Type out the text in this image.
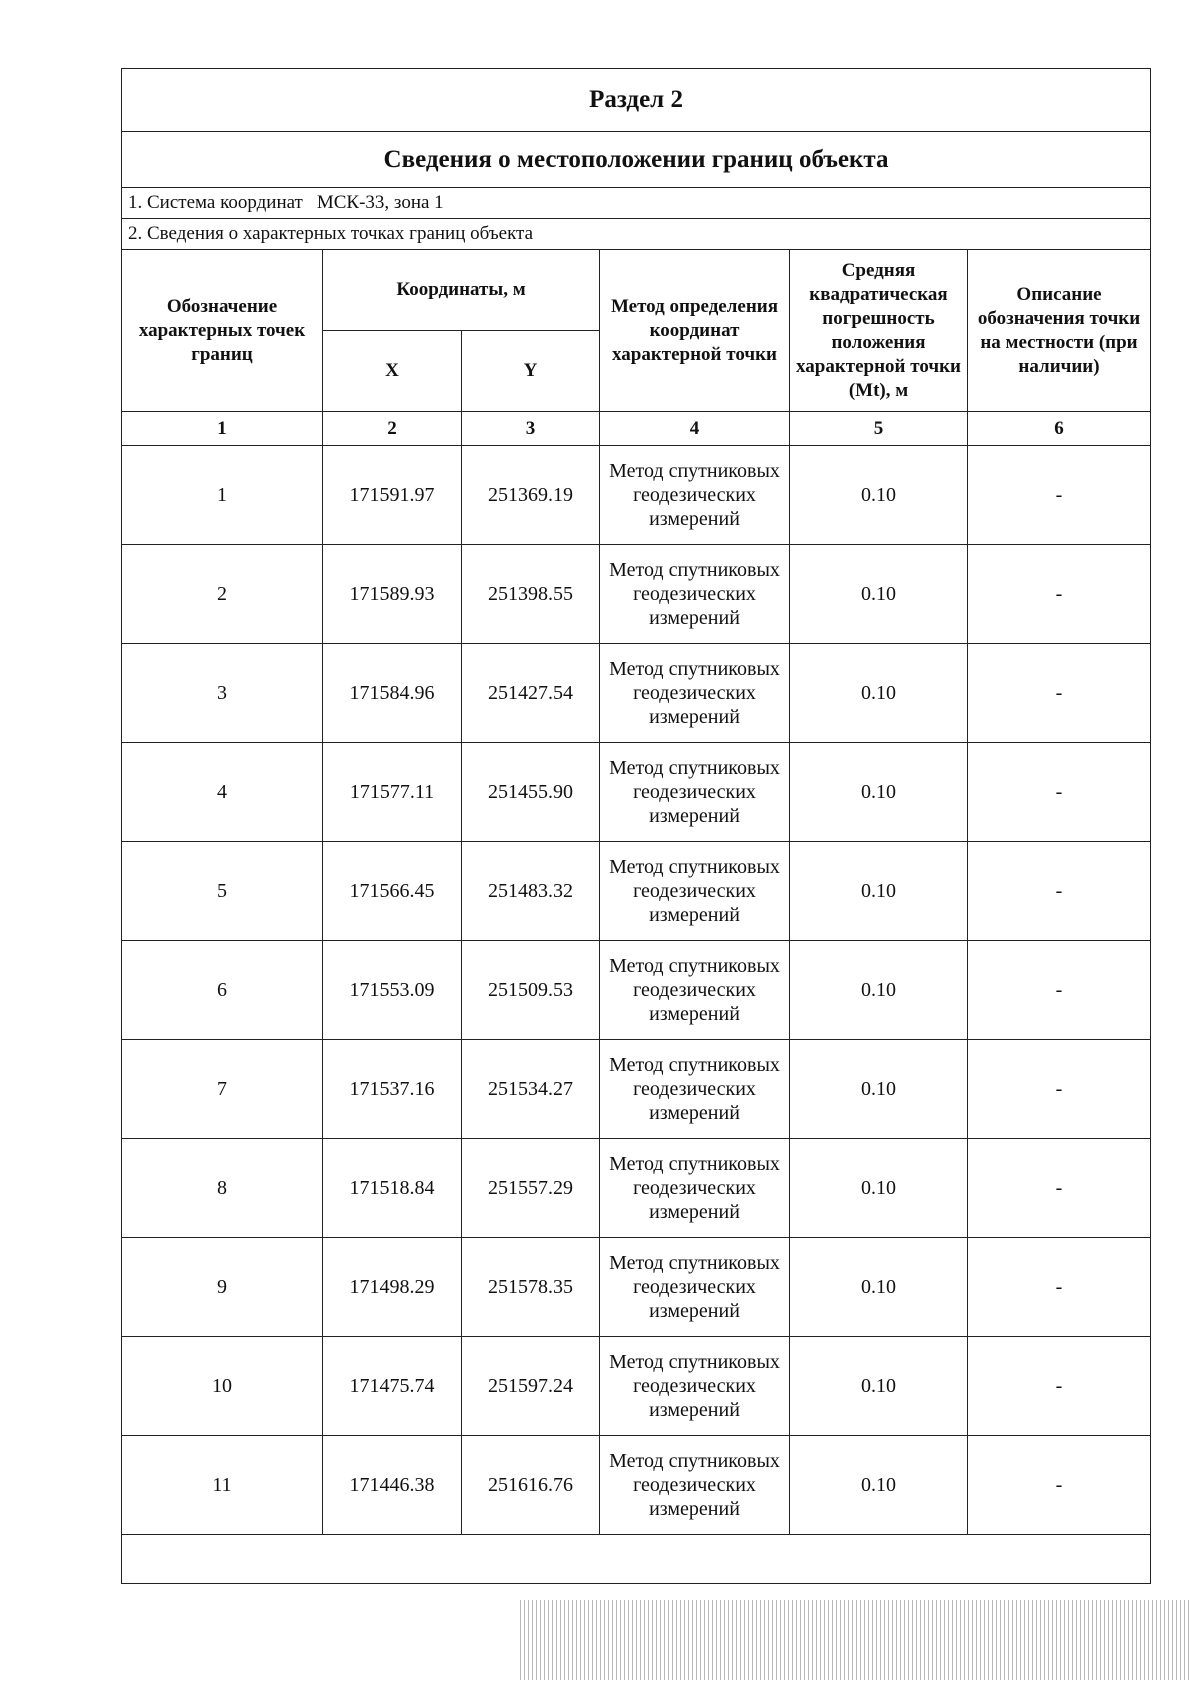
Раздел 2					
Сведения о местоположении границ объекта					
1. Система координат МСК-33, зона 1					
2. Сведения о характерных точках границ объекта					
Обозначение характерных точек границ	Координаты, м		Метод определения координат характерной точки	Средняя квадратическая погрешность положения характерной точки (Mt), м	Описание обозначения точки на местности (при наличии)
	X	Y			
1	2	3	4	5	6
1	171591.97	251369.19	Метод спутниковых геодезических измерений	0.10	-
2	171589.93	251398.55	Метод спутниковых геодезических измерений	0.10	-
3	171584.96	251427.54	Метод спутниковых геодезических измерений	0.10	-
4	171577.11	251455.90	Метод спутниковых геодезических измерений	0.10	-
5	171566.45	251483.32	Метод спутниковых геодезических измерений	0.10	-
6	171553.09	251509.53	Метод спутниковых геодезических измерений	0.10	-
7	171537.16	251534.27	Метод спутниковых геодезических измерений	0.10	-
8	171518.84	251557.29	Метод спутниковых геодезических измерений	0.10	-
9	171498.29	251578.35	Метод спутниковых геодезических измерений	0.10	-
10	171475.74	251597.24	Метод спутниковых геодезических измерений	0.10	-
11	171446.38	251616.76	Метод спутниковых геодезических измерений	0.10	-
